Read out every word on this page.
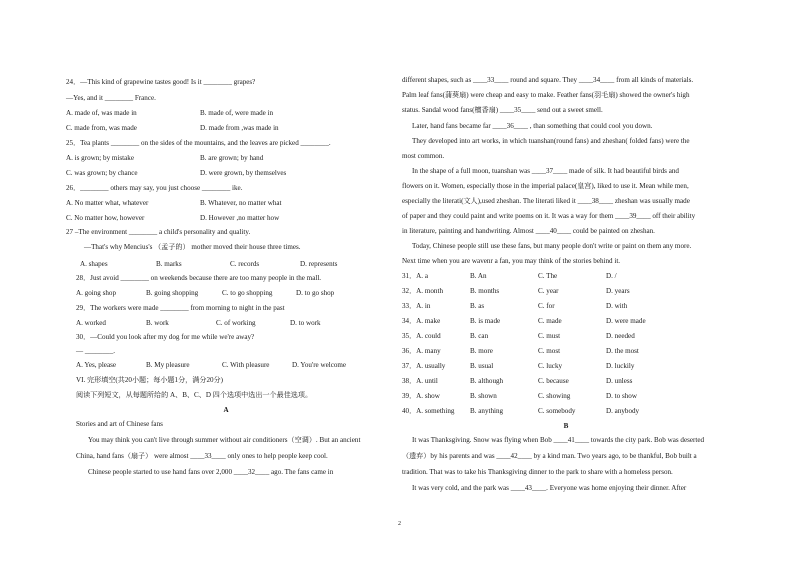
24．—This kind of grapewine tastes good! Is it ________ grapes?
—Yes, and it ________ France.
A. made of, was made in	B. made of, were made in
C. made from, was made	D. made from ,was made in
25．Tea plants ________ on the sides of the mountains, and the leaves are picked ________.
A. is grown; by mistake	B. are grown; by hand
C. was grown; by chance	D. were grown, by themselves
26．________ others may say, you just choose ________ ike.
A. No matter what, whatever	B. Whatever, no matter what
C. No matter how, however	D. However ,no matter how
27 –The environment ________ a child's personality and quality.
—That's why Mencius's （孟子的） mother moved their house three times.
A. shapes	B. marks	C. records	D. represents
28．Just avoid ________ on weekends because there are too many people in the mall.
A. going shop	B. going shopping	C. to go shopping	D. to go shop
29．The workers were made ________ from morning to night in the past
A. worked	B. work	C. of working	D. to work
30．—Could you look after my dog for me while we're away?
— ________.
A. Yes, please	B. My pleasure	C. With pleasure	D. You're welcome
VI. 完形填空(共20小题；每小题1分，满分20分)
阅读下列短文，从每题所给的 A、B、C、D 四个选项中选出一个最佳选项。
A
Stories and art of Chinese fans
You may think you can't live through summer without air conditioners（空调）. But an ancient
China, hand fans（扇子） were almost ____33____ only ones to help people keep cool.
Chinese people started to use hand fans over 2,000 ____32____ ago. The fans came in
different shapes, such as ____33____ round and square. They ____34____ from all kinds of materials.
Palm leaf fans(蒲葵扇) were cheap and easy to make. Feather fans(羽毛扇) showed the owner's high
status. Sandal wood fans(檀香扇) ____35____ send out a sweet smell.
Later, hand fans became far ____36____ , than something that could cool you down.
They developed into art works, in which tuanshan(round fans) and zheshan( folded fans) were the
most common.
In the shape of a full moon, tuanshan was ____37____ made of silk. It had beautiful birds and
flowers on it. Women, especially those in the imperial palace(皇宫), liked to use it. Mean while men,
especially the literati(文人),used zheshan. The literati liked it ____38____ zheshan was usually made
of paper and they could paint and write poems on it. It was a way for them ____39____ off their ability
in literature, painting and handwriting. Almost ____40____ could be painted on zheshan.
Today, Chinese people still use these fans, but many people don't write or paint on them any more.
Next time when you are wavenr a fan, you may think of the stories behind it.
31．A. a	B. An	C. The	D. /
32．A. month	B. months	C. year	D. years
33．A. in	B. as	C. for	D. with
34．A. make	B. is made	C. made	D. were made
35．A. could	B. can	C. must	D. needed
36．A. many	B. more	C. most	D. the most
37．A. usually	B. usual	C. lucky	D. luckily
38．A. until	B. although	C. because	D. unless
39．A. show	B. shown	C. showing	D. to show
40．A. something B. anything	C. somebody	D. anybody
B
It was Thanksgiving. Snow was flying when Bob ____41____ towards the city park. Bob was deserted
（遗弃）by his parents and was ____42____ by a kind man. Two years ago, to be thankful, Bob built a
tradition. That was to take his Thanksgiving dinner to the park to share with a homeless person.
It was very cold, and the park was ____43____. Everyone was home enjoying their dinner. After
2
